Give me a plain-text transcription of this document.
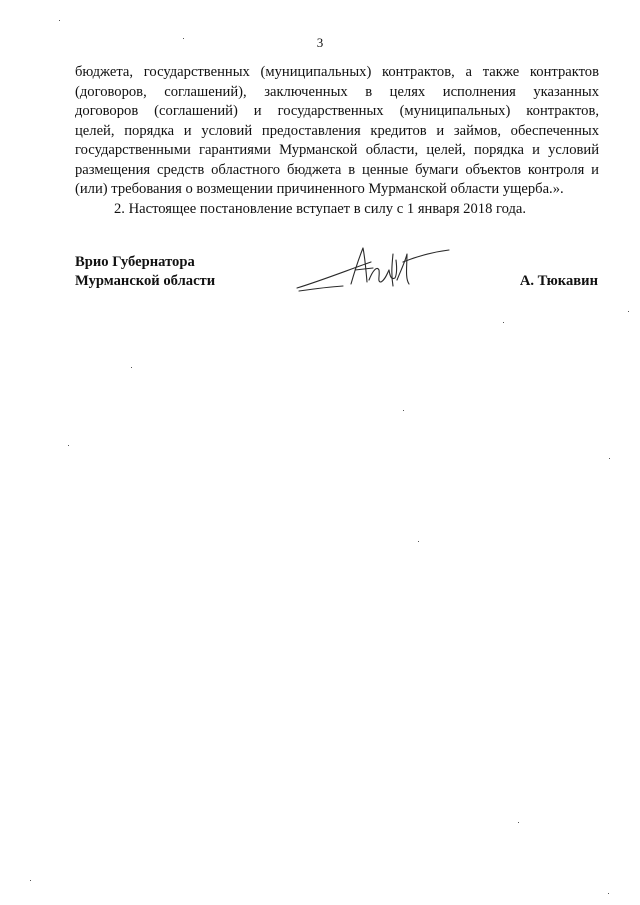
3
бюджета, государственных (муниципальных) контрактов, а также контрактов
(договоров, соглашений), заключенных в целях исполнения указанных
договоров (соглашений) и государственных (муниципальных) контрактов,
целей, порядка и условий предоставления кредитов и займов, обеспеченных
государственными гарантиями Мурманской области, целей, порядка и условий
размещения средств областного бюджета в ценные бумаги объектов контроля и
(или) требования о возмещении причиненного Мурманской области ущерба.».
2. Настоящее постановление вступает в силу с 1 января 2018 года.
Врио Губернатора
Мурманской области	А. Тюкавин
